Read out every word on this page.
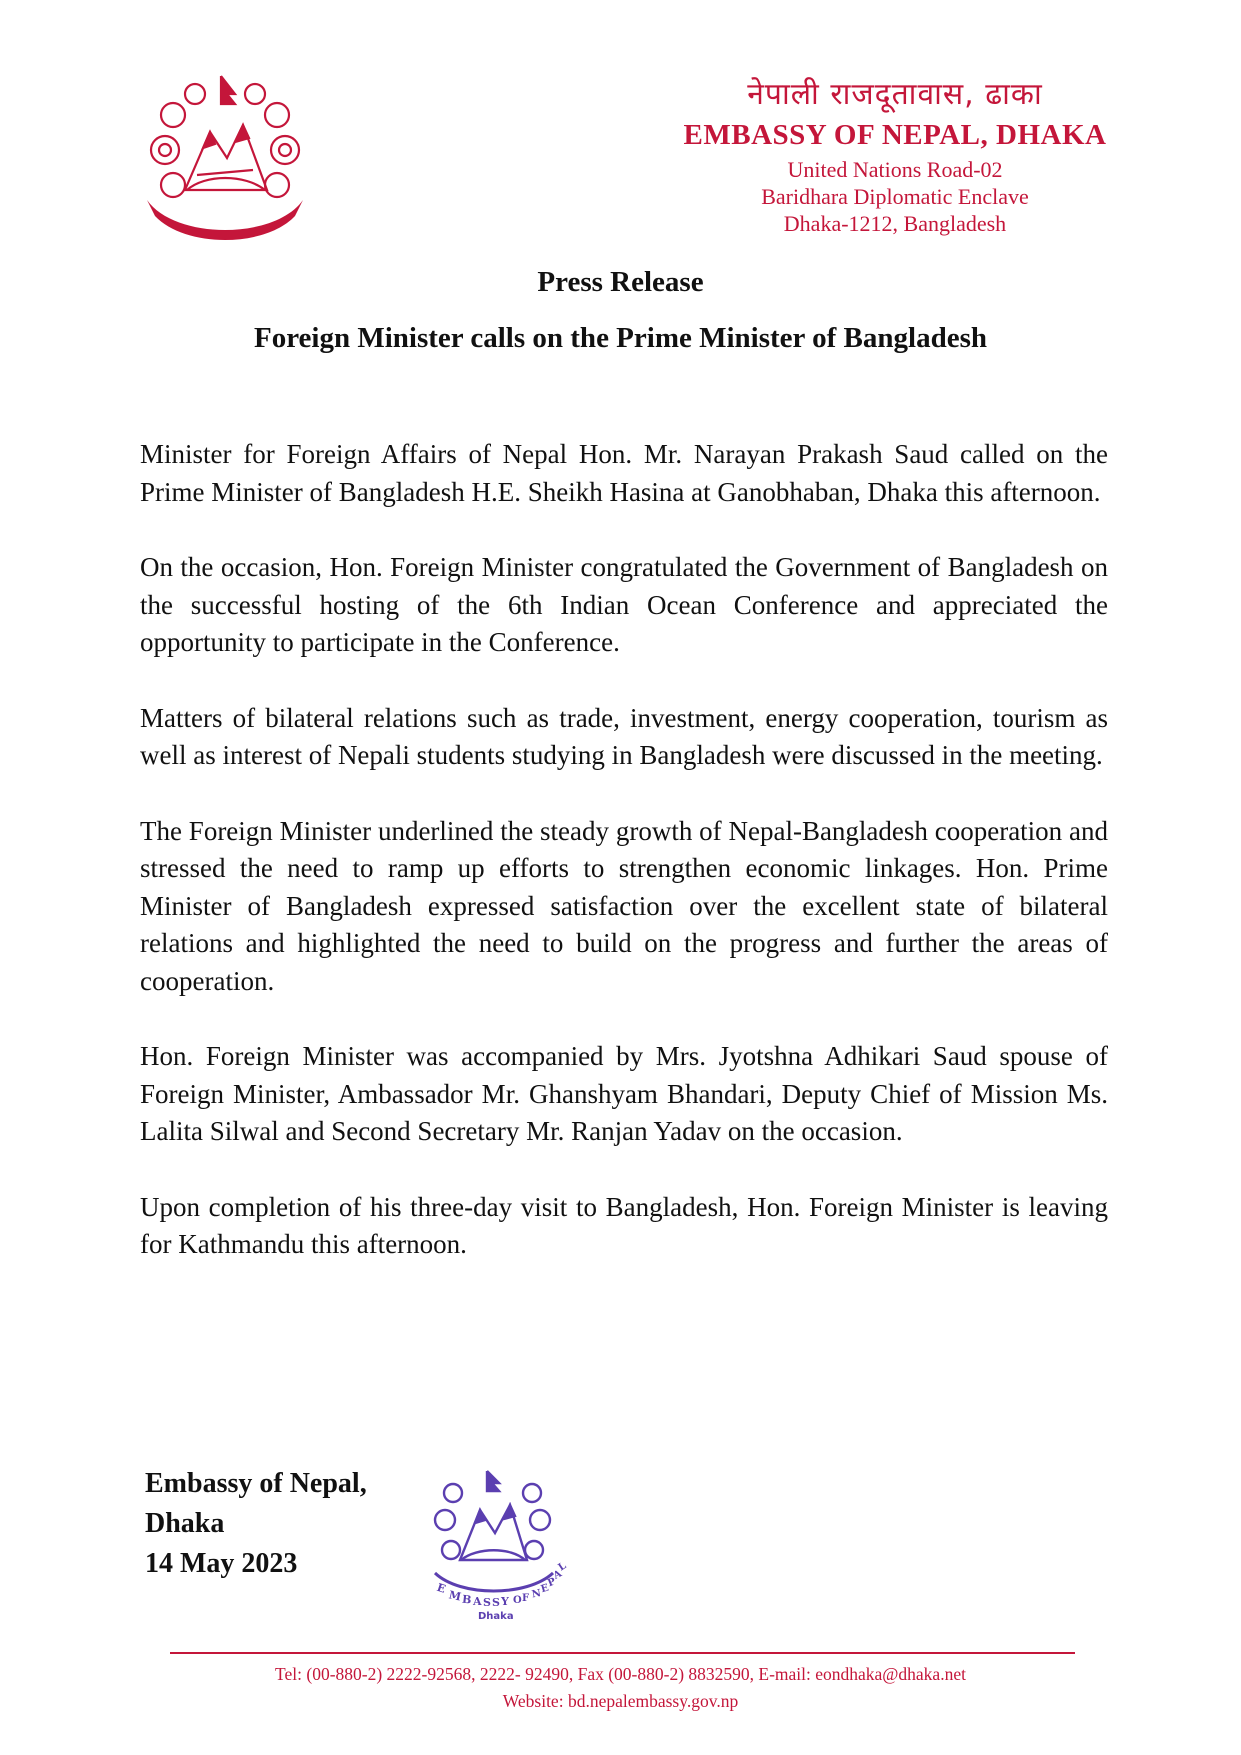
· · · · · · · ·
नेपाली राजदूतावास, ढाका
EMBASSY OF NEPAL, DHAKA
United Nations Road-02
Baridhara Diplomatic Enclave
Dhaka-1212, Bangladesh
Press Release
Foreign Minister calls on the Prime Minister of Bangladesh

Minister for Foreign Affairs of Nepal Hon. Mr. Narayan Prakash Saud called on the Prime Minister of Bangladesh H.E. Sheikh Hasina at Ganobhaban, Dhaka this afternoon.

On the occasion, Hon. Foreign Minister congratulated the Government of Bangladesh on the successful hosting of the 6th Indian Ocean Conference and appreciated the opportunity to participate in the Conference.

Matters of bilateral relations such as trade, investment, energy cooperation, tourism as well as interest of Nepali students studying in Bangladesh were discussed in the meeting.

The Foreign Minister underlined the steady growth of Nepal-Bangladesh cooperation and stressed the need to ramp up efforts to strengthen economic linkages. Hon. Prime Minister of Bangladesh expressed satisfaction over the excellent state of bilateral relations and highlighted the need to build on the progress and further the areas of cooperation.

Hon. Foreign Minister was accompanied by Mrs. Jyotshna Adhikari Saud spouse of Foreign Minister, Ambassador Mr. Ghanshyam Bhandari, Deputy Chief of Mission Ms. Lalita Silwal and Second Secretary Mr. Ranjan Yadav on the occasion.

Upon completion of his three-day visit to Bangladesh, Hon. Foreign Minister is leaving for Kathmandu this afternoon.

Embassy of Nepal,
Dhaka
14 May 2023
E M B A S S Y O F N
E
P
A
L
Dhaka
Tel: (00-880-2) 2222-92568, 2222- 92490, Fax (00-880-2) 8832590, E-mail: eondhaka@dhaka.net
Website: bd.nepalembassy.gov.np
